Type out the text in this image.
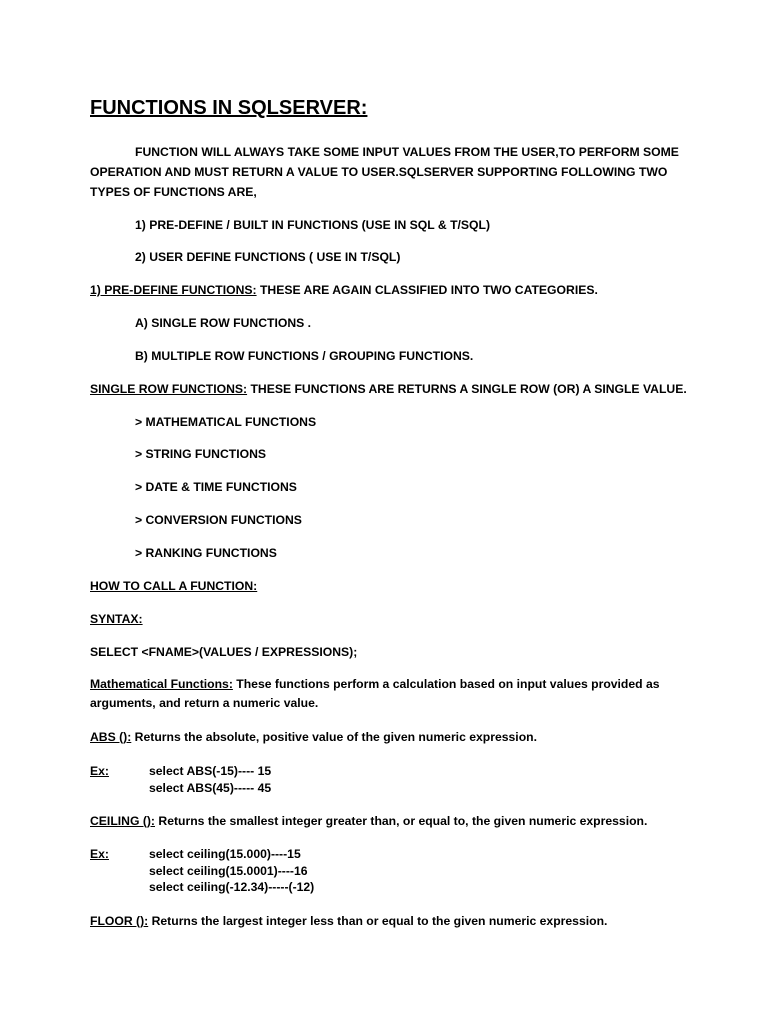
FUNCTIONS IN SQLSERVER:
FUNCTION WILL ALWAYS TAKE SOME INPUT VALUES FROM THE USER,TO PERFORM SOME OPERATION AND MUST RETURN A VALUE TO USER.SQLSERVER SUPPORTING FOLLOWING TWO TYPES OF FUNCTIONS ARE,
1) PRE-DEFINE / BUILT IN FUNCTIONS (USE IN SQL & T/SQL)
2) USER DEFINE FUNCTIONS ( USE IN T/SQL)
1) PRE-DEFINE FUNCTIONS: THESE ARE AGAIN CLASSIFIED INTO TWO CATEGORIES.
A) SINGLE ROW FUNCTIONS .
B) MULTIPLE ROW FUNCTIONS / GROUPING FUNCTIONS.
SINGLE ROW FUNCTIONS: THESE FUNCTIONS ARE RETURNS A SINGLE ROW (OR) A SINGLE VALUE.
> MATHEMATICAL FUNCTIONS
> STRING FUNCTIONS
> DATE & TIME FUNCTIONS
> CONVERSION FUNCTIONS
> RANKING FUNCTIONS
HOW TO CALL A FUNCTION:
SYNTAX:
SELECT <FNAME>(VALUES / EXPRESSIONS);
Mathematical Functions: These functions perform a calculation based on input values provided as arguments, and return a numeric value.
ABS (): Returns the absolute, positive value of the given numeric expression.
Ex:	select ABS(-15)---- 15
select ABS(45)----- 45
CEILING (): Returns the smallest integer greater than, or equal to, the given numeric expression.
Ex:	select ceiling(15.000)----15
select ceiling(15.0001)----16
select ceiling(-12.34)-----(-12)
FLOOR (): Returns the largest integer less than or equal to the given numeric expression.
